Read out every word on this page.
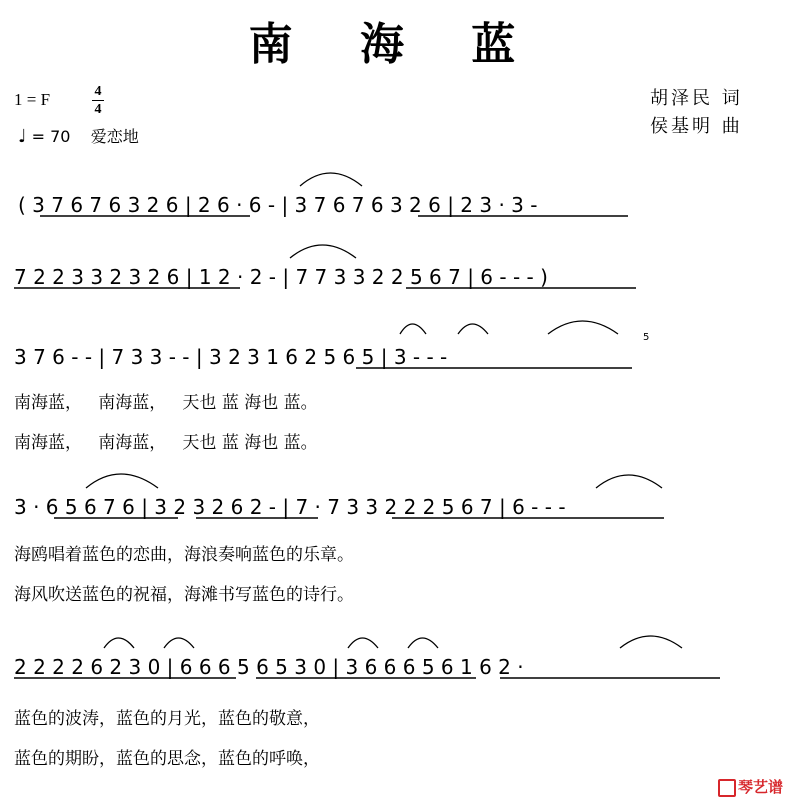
南 海 蓝
1 = F	4
4
♩ = 70 爱恋地
胡泽民 词
侯基明 曲
( 3 7 6 7 6 3 2 6 | 2 6 · 6 - | 3 7 6 7 6 3 2 6 | 2 3 · 3 -
7 2 2 3 3 2 3 2 6 | 1 2 · 2 - | 7 7 3 3 2 2 5 6 7 | 6 - - - )
3 7 6 - - | 7 3 3 - - | 3 2 3 1 6 2 5 6 5 | 3 - - -
5
3 · 6 5 6 7 6 | 3 2 3 2 6 2 - | 7 · 7 3 3 2 2 2 5 6 7 | 6 - - -
2 2 2 2 6 2 3 0 | 6 6 6 5 6 5 3 0 | 3 6 6 6 5 6 1 6 2 ·
南海蓝，   南海蓝，   天也 蓝 海也 蓝。
南海蓝，   南海蓝，   天也 蓝 海也 蓝。
海鸥唱着蓝色的恋曲，海浪奏响蓝色的乐章。
海风吹送蓝色的祝福，海滩书写蓝色的诗行。
蓝色的波涛，蓝色的月光，蓝色的敬意，
蓝色的期盼，蓝色的思念，蓝色的呼唤，
琴艺谱
